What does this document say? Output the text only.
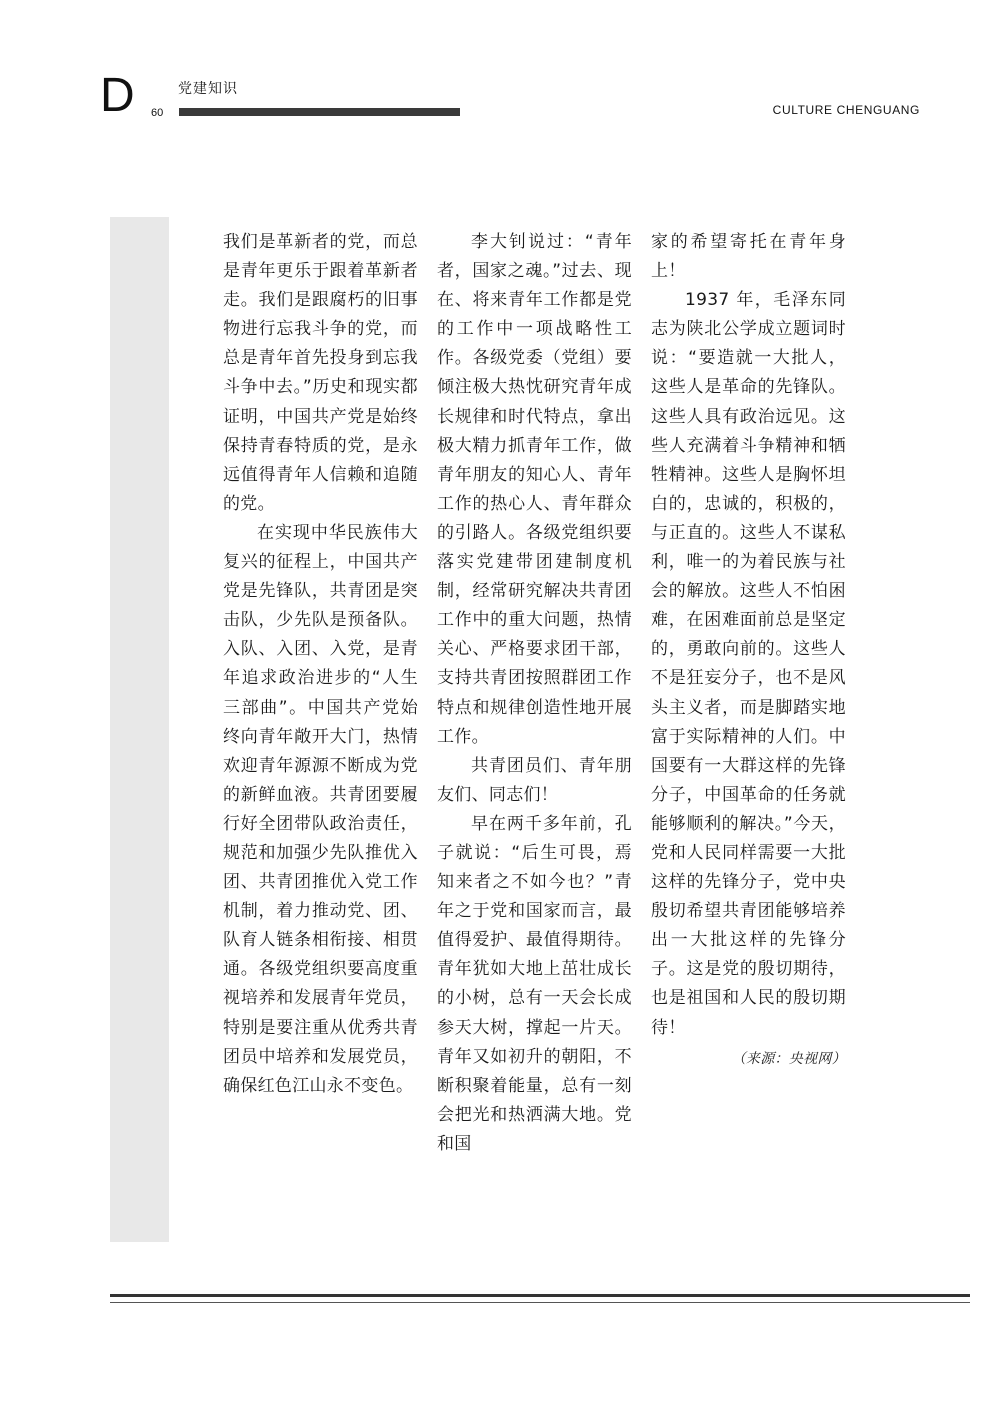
D	党建知识
60	CULTURE CHENGUANG

我们是革新者的党，而总是青年更乐于跟着革新者走。我们是跟腐朽的旧事物进行忘我斗争的党，而总是青年首先投身到忘我斗争中去。”历史和现实都证明，中国共产党是始终保持青春特质的党，是永远值得青年人信赖和追随的党。

在实现中华民族伟大复兴的征程上，中国共产党是先锋队，共青团是突击队，少先队是预备队。入队、入团、入党，是青年追求政治进步的“人生三部曲”。中国共产党始终向青年敞开大门，热情欢迎青年源源不断成为党的新鲜血液。共青团要履行好全团带队政治责任，规范和加强少先队推优入团、共青团推优入党工作机制，着力推动党、团、队育人链条相衔接、相贯通。各级党组织要高度重视培养和发展青年党员，特别是要注重从优秀共青团员中培养和发展党员，确保红色江山永不变色。

李大钊说过：“青年者，国家之魂。”过去、现在、将来青年工作都是党的工作中一项战略性工作。各级党委（党组）要倾注极大热忱研究青年成长规律和时代特点，拿出极大精力抓青年工作，做青年朋友的知心人、青年工作的热心人、青年群众的引路人。各级党组织要落实党建带团建制度机制，经常研究解决共青团工作中的重大问题，热情关心、严格要求团干部，支持共青团按照群团工作特点和规律创造性地开展工作。

共青团员们、青年朋友们、同志们！

早在两千多年前，孔子就说：“后生可畏，焉知来者之不如今也？”青年之于党和国家而言，最值得爱护、最值得期待。青年犹如大地上茁壮成长的小树，总有一天会长成参天大树，撑起一片天。青年又如初升的朝阳，不断积聚着能量，总有一刻会把光和热洒满大地。党和国

家的希望寄托在青年身上！

1937 年，毛泽东同志为陕北公学成立题词时说：“要造就一大批人，这些人是革命的先锋队。这些人具有政治远见。这些人充满着斗争精神和牺牲精神。这些人是胸怀坦白的，忠诚的，积极的，与正直的。这些人不谋私利，唯一的为着民族与社会的解放。这些人不怕困难，在困难面前总是坚定的，勇敢向前的。这些人不是狂妄分子，也不是风头主义者，而是脚踏实地富于实际精神的人们。中国要有一大群这样的先锋分子，中国革命的任务就能够顺利的解决。”今天，党和人民同样需要一大批这样的先锋分子，党中央殷切希望共青团能够培养出一大批这样的先锋分子。这是党的殷切期待，也是祖国和人民的殷切期待！

（来源：央视网）
